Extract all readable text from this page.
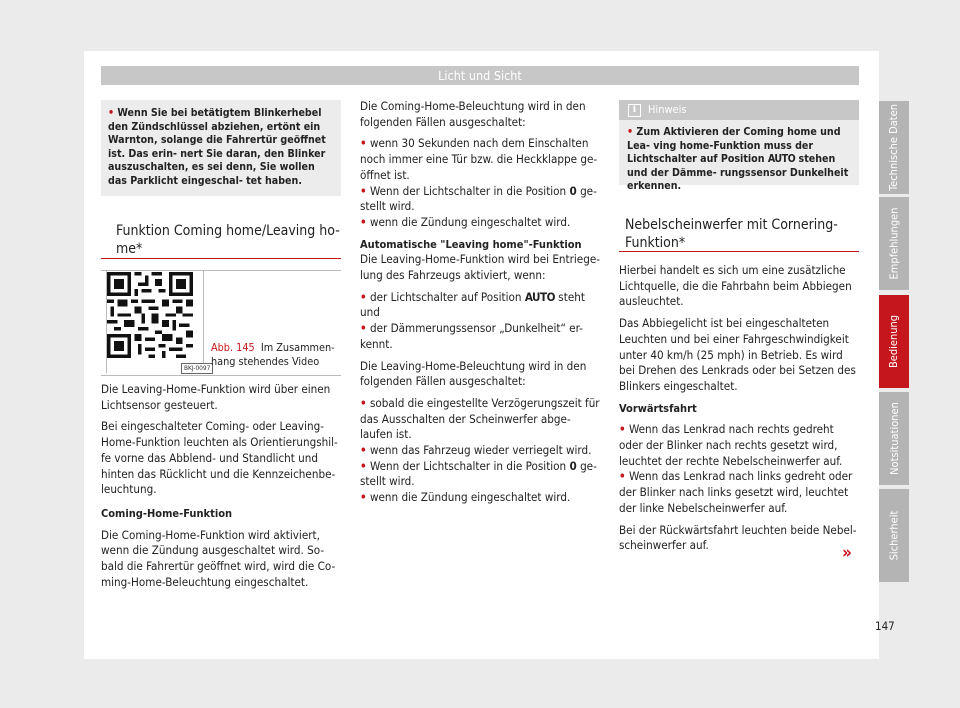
Licht und Sicht
• Wenn Sie bei betätigtem Blinkerhebel den Zündschlüssel abziehen, ertönt ein Warnton, solange die Fahrertür geöffnet ist. Das erin- nert Sie daran, den Blinker auszuschalten, es sei denn, Sie wollen das Parklicht eingeschal- tet haben.
Funktion Coming home/Leaving ho-
me*
BKJ-0097
Abb. 145 Im Zusammen-
hang stehendes Video

Die Leaving-Home-Funktion wird über einen Lichtsensor gesteuert.

Bei eingeschalteter Coming- oder Leaving- Home-Funktion leuchten als Orientierungshil- fe vorne das Abblend- und Standlicht und hinten das Rücklicht und die Kennzeichenbe- leuchtung.

Coming-Home-Funktion

Die Coming-Home-Funktion wird aktiviert, wenn die Zündung ausgeschaltet wird. So- bald die Fahrertür geöffnet wird, wird die Co- ming-Home-Beleuchtung eingeschaltet.

Die Coming-Home-Beleuchtung wird in den folgenden Fällen ausgeschaltet:

• wenn 30 Sekunden nach dem Einschalten noch immer eine Tür bzw. die Heckklappe ge- öffnet ist.
• Wenn der Lichtschalter in die Position 0 ge- stellt wird.

• wenn die Zündung eingeschaltet wird.

Automatische "Leaving home"-Funktion

Die Leaving-Home-Funktion wird bei Entriege- lung des Fahrzeugs aktiviert, wenn:

• der Lichtschalter auf Position AUTO steht und

• der Dämmerungssensor „Dunkelheit“ er- kennt.

Die Leaving-Home-Beleuchtung wird in den folgenden Fällen ausgeschaltet:

• sobald die eingestellte Verzögerungszeit für das Ausschalten der Scheinwerfer abge- laufen ist.
• wenn das Fahrzeug wieder verriegelt wird.
• Wenn der Lichtschalter in die Position 0 ge- stellt wird.
• wenn die Zündung eingeschaltet wird.
i	Hinweis
• Zum Aktivieren der Coming home und Lea- ving home-Funktion muss der Lichtschalter auf Position AUTO stehen und der Dämme- rungssensor Dunkelheit erkennen.
Nebelscheinwerfer mit Cornering-
Funktion*

Hierbei handelt es sich um eine zusätzliche Lichtquelle, die die Fahrbahn beim Abbiegen ausleuchtet.

Das Abbiegelicht ist bei eingeschalteten Leuchten und bei einer Fahrgeschwindigkeit unter 40 km/h (25 mph) in Betrieb. Es wird bei Drehen des Lenkrads oder bei Setzen des Blinkers eingeschaltet.

Vorwärtsfahrt

• Wenn das Lenkrad nach rechts gedreht oder der Blinker nach rechts gesetzt wird, leuchtet der rechte Nebelscheinwerfer auf.

• Wenn das Lenkrad nach links gedreht oder der Blinker nach links gesetzt wird, leuchtet der linke Nebelscheinwerfer auf.

Bei der Rückwärtsfahrt leuchten beide Nebel- scheinwerfer auf.	»
Technische Daten
Empfehlungen
Bedienung
Notsituationen
Sicherheit
147
